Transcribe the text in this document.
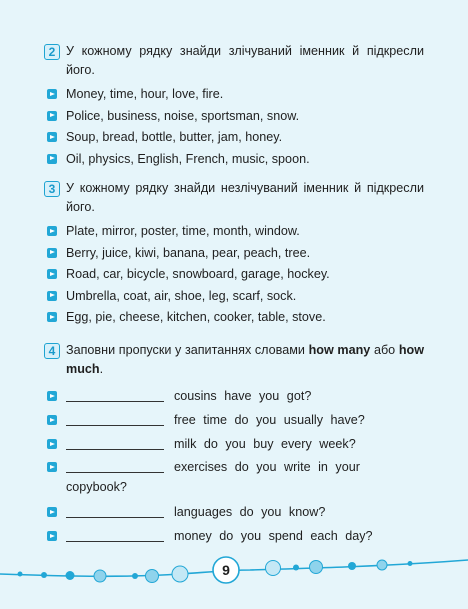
2 У кожному рядку знайди злічуваний іменник й підкресли його.
Money, time, hour, love, fire.
Police, business, noise, sportsman, snow.
Soup, bread, bottle, butter, jam, honey.
Oil, physics, English, French, music, spoon.
3 У кожному рядку знайди незлічуваний іменник й підкресли його.
Plate, mirror, poster, time, month, window.
Berry, juice, kiwi, banana, pear, peach, tree.
Road, car, bicycle, snowboard, garage, hockey.
Umbrella, coat, air, shoe, leg, scarf, sock.
Egg, pie, cheese, kitchen, cooker, table, stove.
4 Заповни пропуски у запитаннях словами how many або how much.
cousins have you got?
free time do you usually have?
milk do you buy every week?
exercises do you write in your copybook?
languages do you know?
money do you spend each day?
9
